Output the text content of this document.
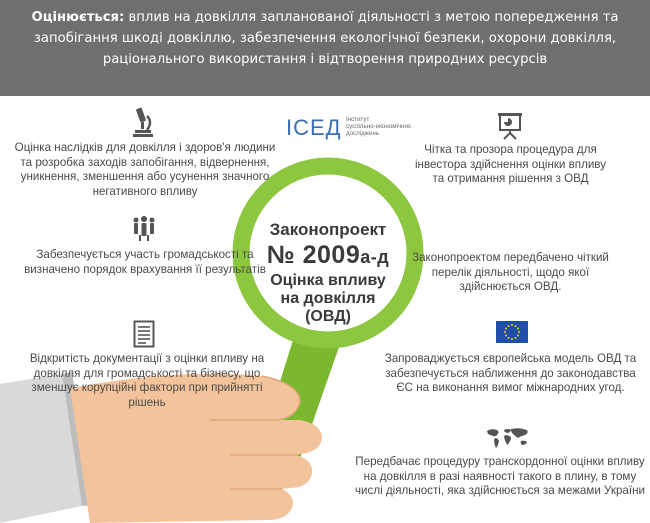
Оцінюється: вплив на довкілля запланованої діяльності з метою попередження та запобігання шкоді довкіллю, забезпечення екологічної безпеки, охорони довкілля, раціонального використання і відтворення природних ресурсів
ІСЕД Інститут
суспільно-економічних
досліджень
Законопроект
№ 2009а-д
Оцінка впливу
на довкілля
(ОВД)
Оцінка наслідків для довкілля і здоров'я людини та розробка заходів запобігання, відвернення, уникнення, зменшення або усунення значного негативного впливу
Забезпечується участь громадськості та визначено порядок врахування її результатів
Відкритість документації з оцінки впливу на довкілля для громадськості та бізнесу, що зменшує корупційні фактори при прийнятті рішень
Чітка та прозора процедура для інвестора здійснення оцінки впливу та отримання рішення з ОВД
Законопроектом передбачено чіткий перелік діяльності, щодо якої здійснюється ОВД.
Запроваджується європейська модель ОВД та забезпечується наближення до законодавства ЄС на виконання вимог міжнародних угод.
Передбачає процедуру транскордонної оцінки впливу на довкілля в разі наявності такого в плину, в тому числі діяльності, яка здійснюється за межами України
